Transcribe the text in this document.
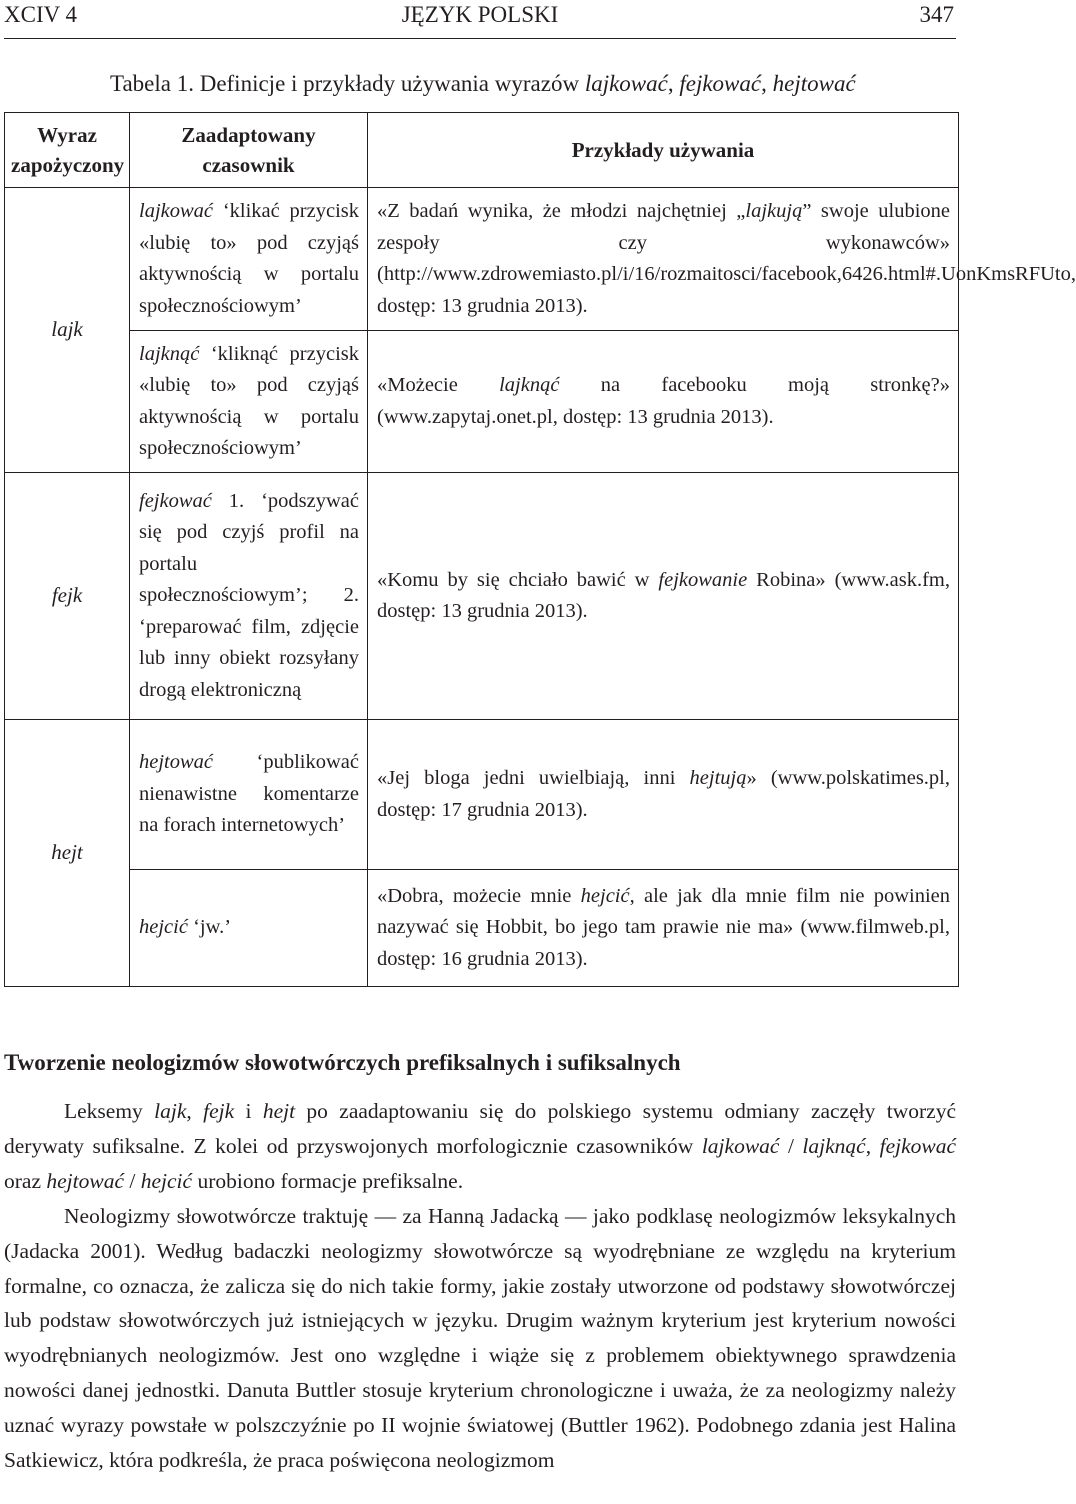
XCIV 4	JĘZYK POLSKI	347
Tabela 1. Definicje i przykłady używania wyrazów lajkować, fejkować, hejtować
Wyraz zapożyczony	Zaadaptowany czasownik	Przykłady używania
lajk	lajkować ‘klikać przycisk «lubię to» pod czyjąś aktywnością w portalu społecznościowym’	«Z badań wynika, że młodzi najchętniej „lajkują” swoje ulubione zespoły czy wykonawców» (http://www.zdrowemiasto.pl/i/16/rozmaitosci/facebook,6426.html#.UonKmsRFUto, dostęp: 13 grudnia 2013).
	lajknąć ‘kliknąć przycisk «lubię to» pod czyjąś aktywnością w portalu społecznościowym’	«Możecie lajknąć na facebooku moją stronkę?» (www.zapytaj.onet.pl, dostęp: 13 grudnia 2013).
fejk	fejkować 1. ‘podszywać się pod czyjś profil na portalu społecznościowym’; 2. ‘preparować film, zdjęcie lub inny obiekt rozsyłany drogą elektroniczną	«Komu by się chciało bawić w fejkowanie Robina» (www.ask.fm, dostęp: 13 grudnia 2013).
hejt	hejtować ‘publikować nienawistne komentarze na forach internetowych’	«Jej bloga jedni uwielbiają, inni hejtują» (www.polskatimes.pl, dostęp: 17 grudnia 2013).
	hejcić ‘jw.’	«Dobra, możecie mnie hejcić, ale jak dla mnie film nie powinien nazywać się Hobbit, bo jego tam prawie nie ma» (www.filmweb.pl, dostęp: 16 grudnia 2013).
Tworzenie neologizmów słowotwórczych prefiksalnych i sufiksalnych

Leksemy lajk, fejk i hejt po zaadaptowaniu się do polskiego systemu odmiany zaczęły tworzyć derywaty sufiksalne. Z kolei od przyswojonych morfologicznie czasowników lajkować / lajknąć, fejkować oraz hejtować / hejcić urobiono formacje prefiksalne.

Neologizmy słowotwórcze traktuję — za Hanną Jadacką — jako podklasę neologizmów leksykalnych (Jadacka 2001). Według badaczki neologizmy słowotwórcze są wyodrębniane ze względu na kryterium formalne, co oznacza, że zalicza się do nich takie formy, jakie zostały utworzone od podstawy słowotwórczej lub podstaw słowotwórczych już istniejących w języku. Drugim ważnym kryterium jest kryterium nowości wyodrębnianych neologizmów. Jest ono względne i wiąże się z problemem obiektywnego sprawdzenia nowości danej jednostki. Danuta Buttler stosuje kryterium chronologiczne i uważa, że za neologizmy należy uznać wyrazy powstałe w polszczyźnie po II wojnie światowej (Buttler 1962). Podobnego zdania jest Halina Satkiewicz, która podkreśla, że praca poświęcona neologizmom
